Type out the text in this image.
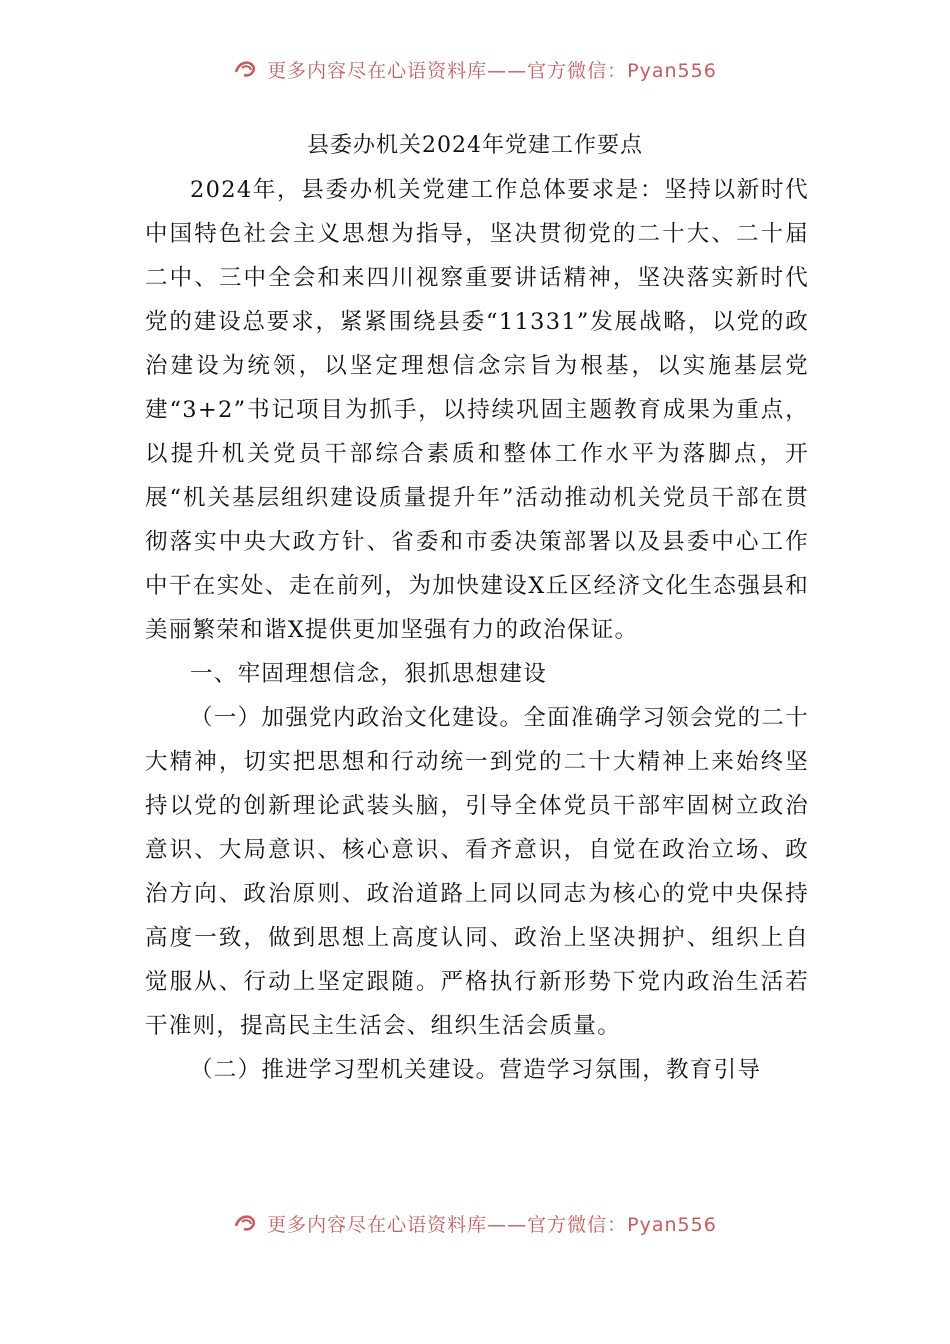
更多内容尽在心语资料库——官方微信：Pyan556
县委办机关2024年党建工作要点

2024年，县委办机关党建工作总体要求是：坚持以新时代中国特色社会主义思想为指导，坚决贯彻党的二十大、二十届二中、三中全会和来四川视察重要讲话精神，坚决落实新时代党的建设总要求，紧紧围绕县委“11331”发展战略，以党的政治建设为统领，以坚定理想信念宗旨为根基，以实施基层党建“3+2”书记项目为抓手，以持续巩固主题教育成果为重点，以提升机关党员干部综合素质和整体工作水平为落脚点，开展“机关基层组织建设质量提升年”活动推动机关党员干部在贯彻落实中央大政方针、省委和市委决策部署以及县委中心工作中干在实处、走在前列，为加快建设X丘区经济文化生态强县和美丽繁荣和谐X提供更加坚强有力的政治保证。

一、牢固理想信念，狠抓思想建设

（一）加强党内政治文化建设。全面准确学习领会党的二十大精神，切实把思想和行动统一到党的二十大精神上来始终坚持以党的创新理论武装头脑，引导全体党员干部牢固树立政治意识、大局意识、核心意识、看齐意识，自觉在政治立场、政治方向、政治原则、政治道路上同以同志为核心的党中央保持高度一致，做到思想上高度认同、政治上坚决拥护、组织上自觉服从、行动上坚定跟随。严格执行新形势下党内政治生活若干准则，提高民主生活会、组织生活会质量。

（二）推进学习型机关建设。营造学习氛围，教育引导

更多内容尽在心语资料库——官方微信：Pyan556
